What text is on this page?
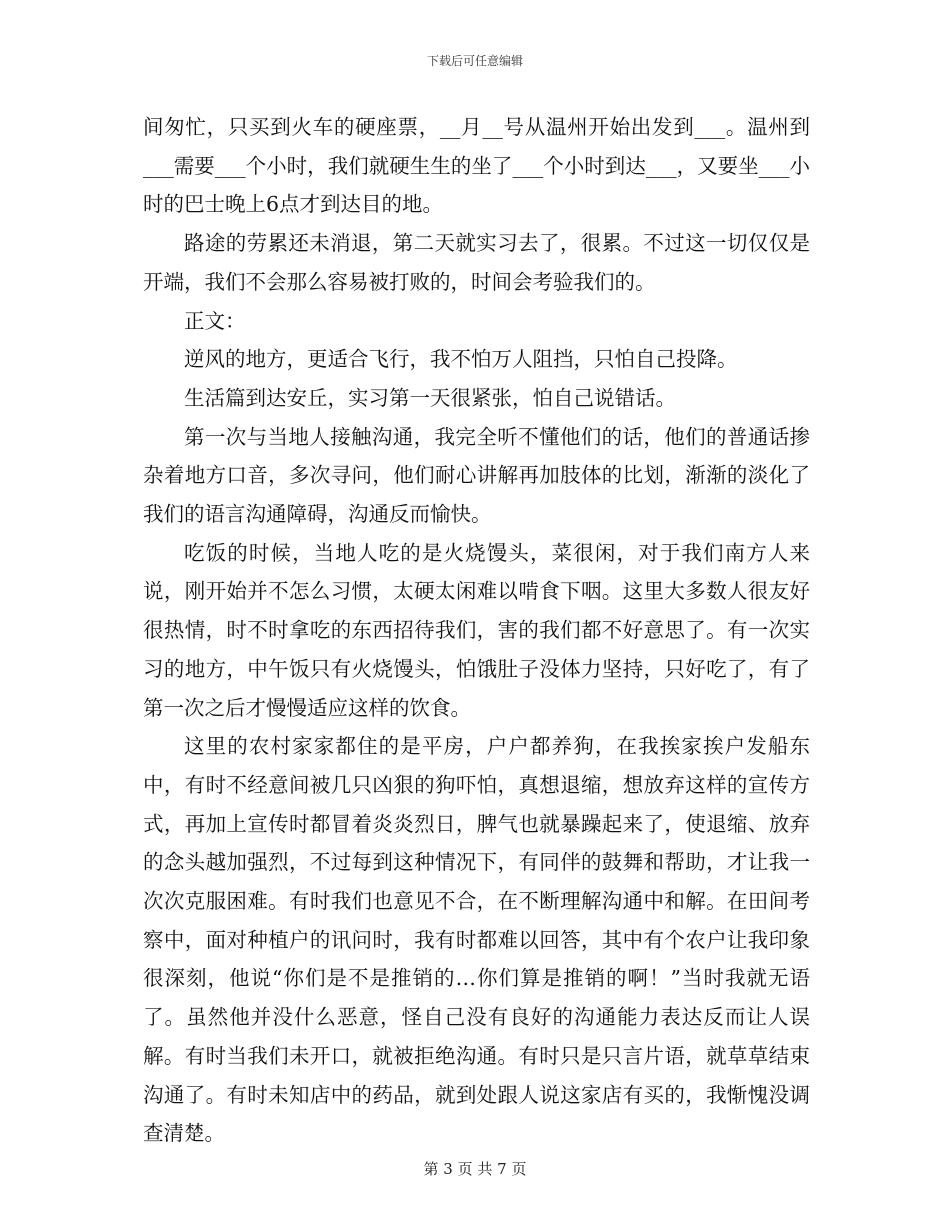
下载后可任意编辑

间匆忙，只买到火车的硬座票，__月__号从温州开始出发到___。温州到___需要___个小时，我们就硬生生的坐了___个小时到达___，又要坐___小时的巴士晚上6点才到达目的地。

路途的劳累还未消退，第二天就实习去了，很累。不过这一切仅仅是开端，我们不会那么容易被打败的，时间会考验我们的。

正文：

逆风的地方，更适合飞行，我不怕万人阻挡，只怕自己投降。

生活篇到达安丘，实习第一天很紧张，怕自己说错话。

第一次与当地人接触沟通，我完全听不懂他们的话，他们的普通话掺杂着地方口音，多次寻问，他们耐心讲解再加肢体的比划，渐渐的淡化了我们的语言沟通障碍，沟通反而愉快。

吃饭的时候，当地人吃的是火烧馒头，菜很闲，对于我们南方人来说，刚开始并不怎么习惯，太硬太闲难以啃食下咽。这里大多数人很友好很热情，时不时拿吃的东西招待我们，害的我们都不好意思了。有一次实习的地方，中午饭只有火烧馒头，怕饿肚子没体力坚持，只好吃了，有了第一次之后才慢慢适应这样的饮食。

这里的农村家家都住的是平房，户户都养狗，在我挨家挨户发船东中，有时不经意间被几只凶狠的狗吓怕，真想退缩，想放弃这样的宣传方式，再加上宣传时都冒着炎炎烈日，脾气也就暴躁起来了，使退缩、放弃的念头越加强烈，不过每到这种情况下，有同伴的鼓舞和帮助，才让我一次次克服困难。有时我们也意见不合，在不断理解沟通中和解。在田间考察中，面对种植户的讯问时，我有时都难以回答，其中有个农户让我印象很深刻，他说“你们是不是推销的…你们算是推销的啊！”当时我就无语了。虽然他并没什么恶意，怪自己没有良好的沟通能力表达反而让人误解。有时当我们未开口，就被拒绝沟通。有时只是只言片语，就草草结束沟通了。有时未知店中的药品，就到处跟人说这家店有买的，我惭愧没调查清楚。

第 3 页 共 7 页
